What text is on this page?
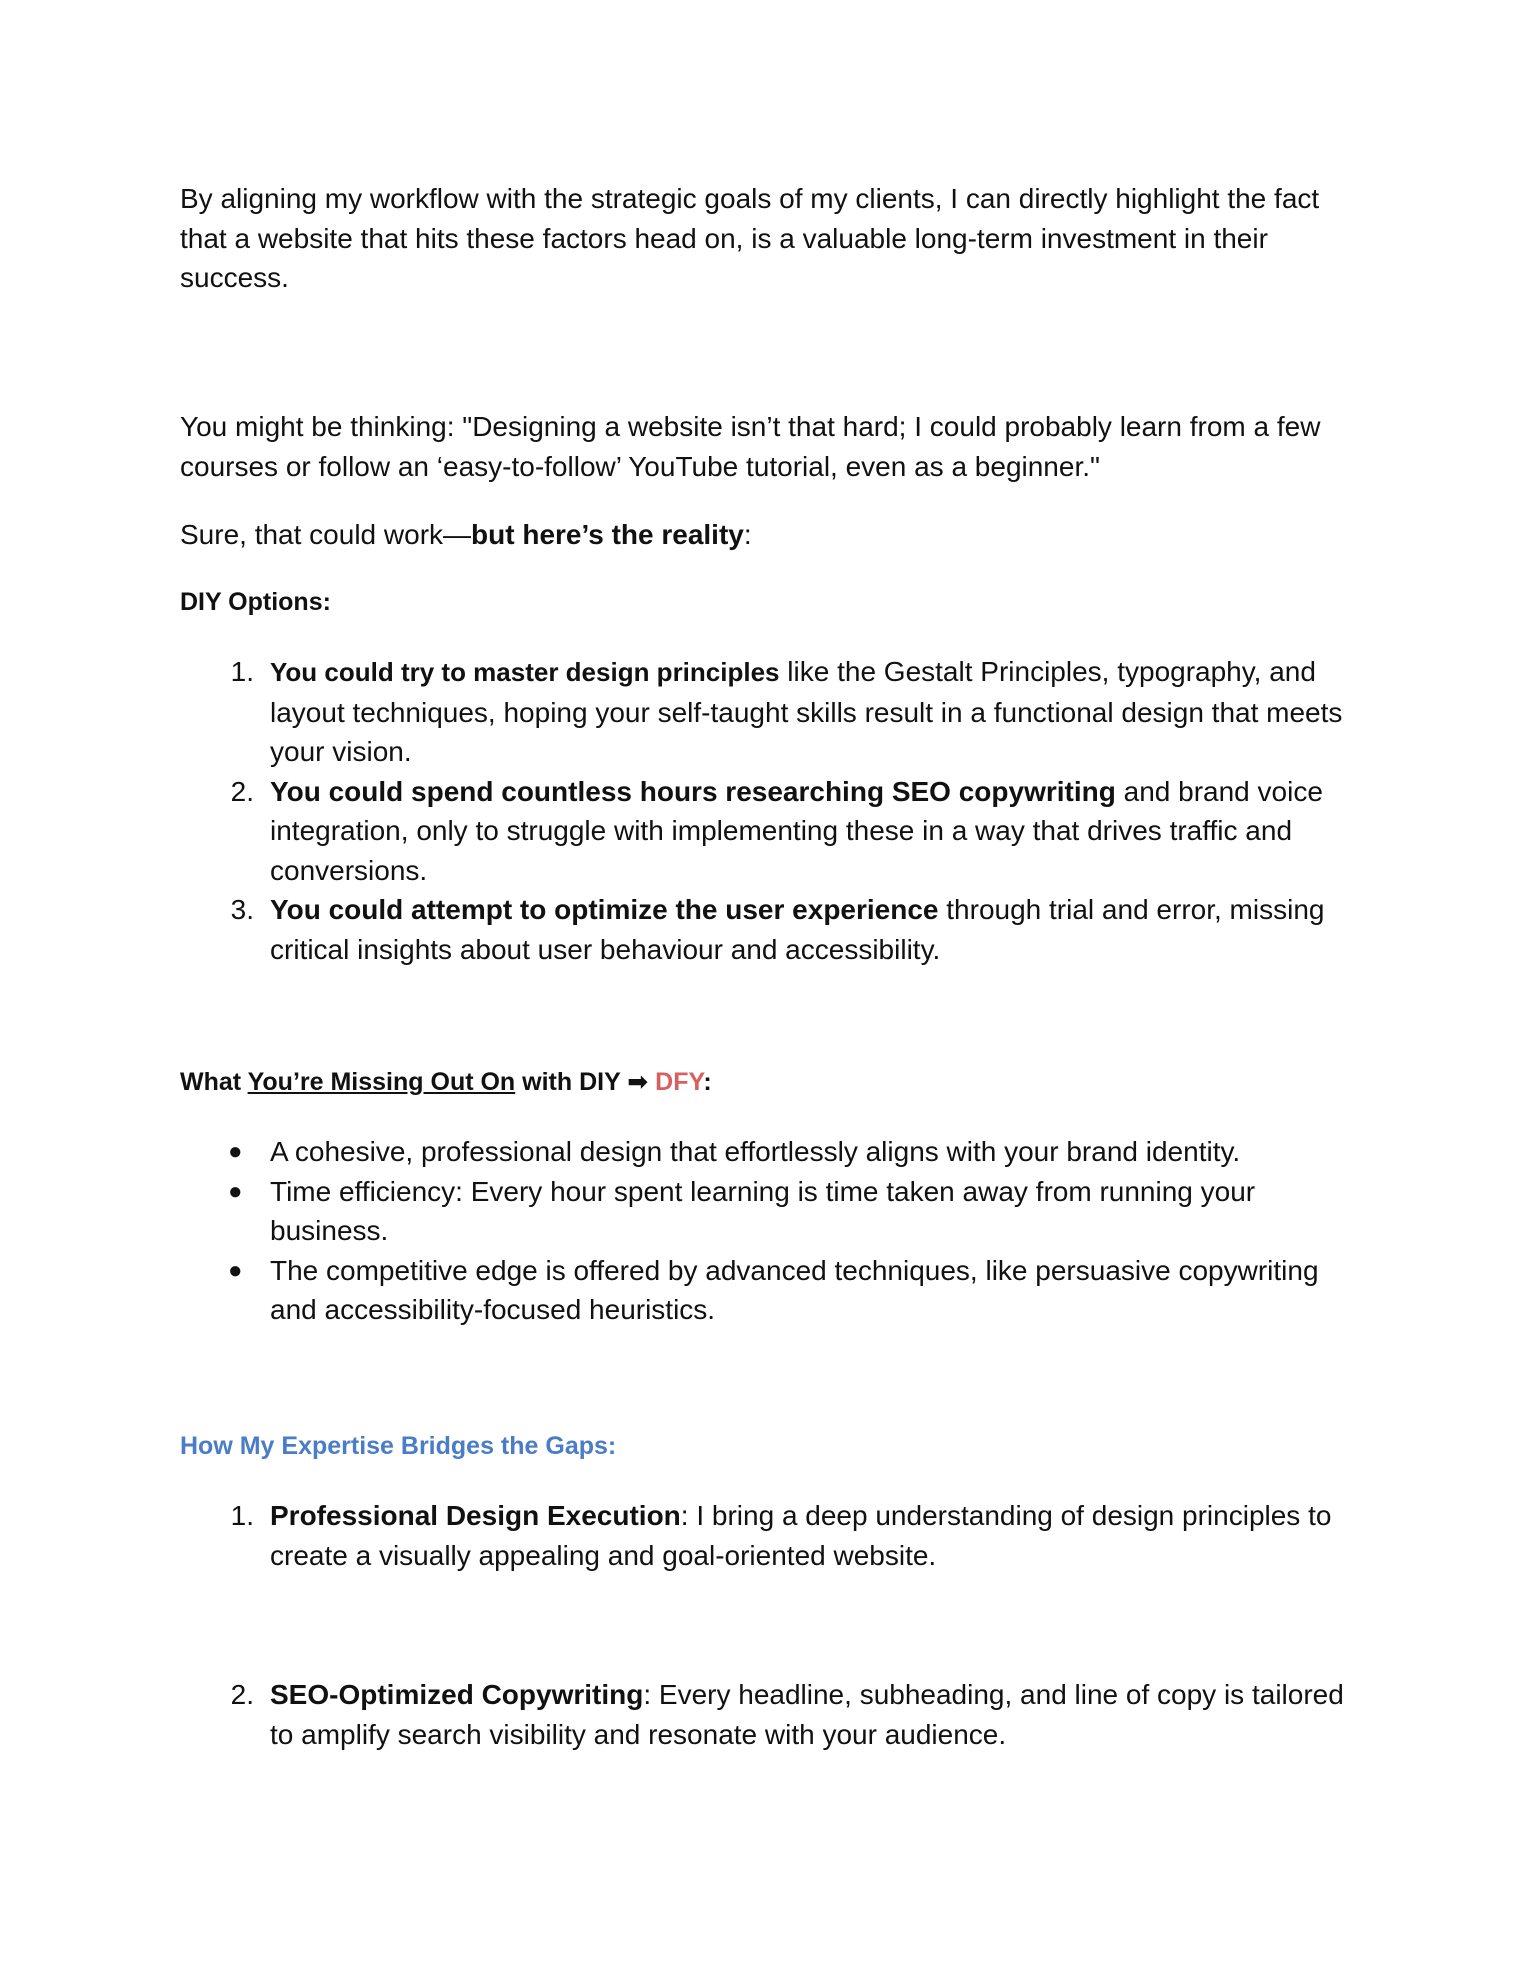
By aligning my workflow with the strategic goals of my clients, I can directly highlight the fact that a website that hits these factors head on, is a valuable long-term investment in their success.

You might be thinking: "Designing a website isn’t that hard; I could probably learn from a few courses or follow an ‘easy-to-follow’ YouTube tutorial, even as a beginner."

Sure, that could work—but here’s the reality:

DIY Options:
1. You could try to master design principles like the Gestalt Principles, typography, and layout techniques, hoping your self-taught skills result in a functional design that meets your vision.
2. You could spend countless hours researching SEO copywriting and brand voice integration, only to struggle with implementing these in a way that drives traffic and conversions.
3. You could attempt to optimize the user experience through trial and error, missing critical insights about user behaviour and accessibility.
What You’re Missing Out On with DIY ➡ DFY:
● A cohesive, professional design that effortlessly aligns with your brand identity.
● Time efficiency: Every hour spent learning is time taken away from running your business.
● The competitive edge is offered by advanced techniques, like persuasive copywriting and accessibility-focused heuristics.
How My Expertise Bridges the Gaps:
1. Professional Design Execution: I bring a deep understanding of design principles to create a visually appealing and goal-oriented website.
2. SEO-Optimized Copywriting: Every headline, subheading, and line of copy is tailored to amplify search visibility and resonate with your audience.
